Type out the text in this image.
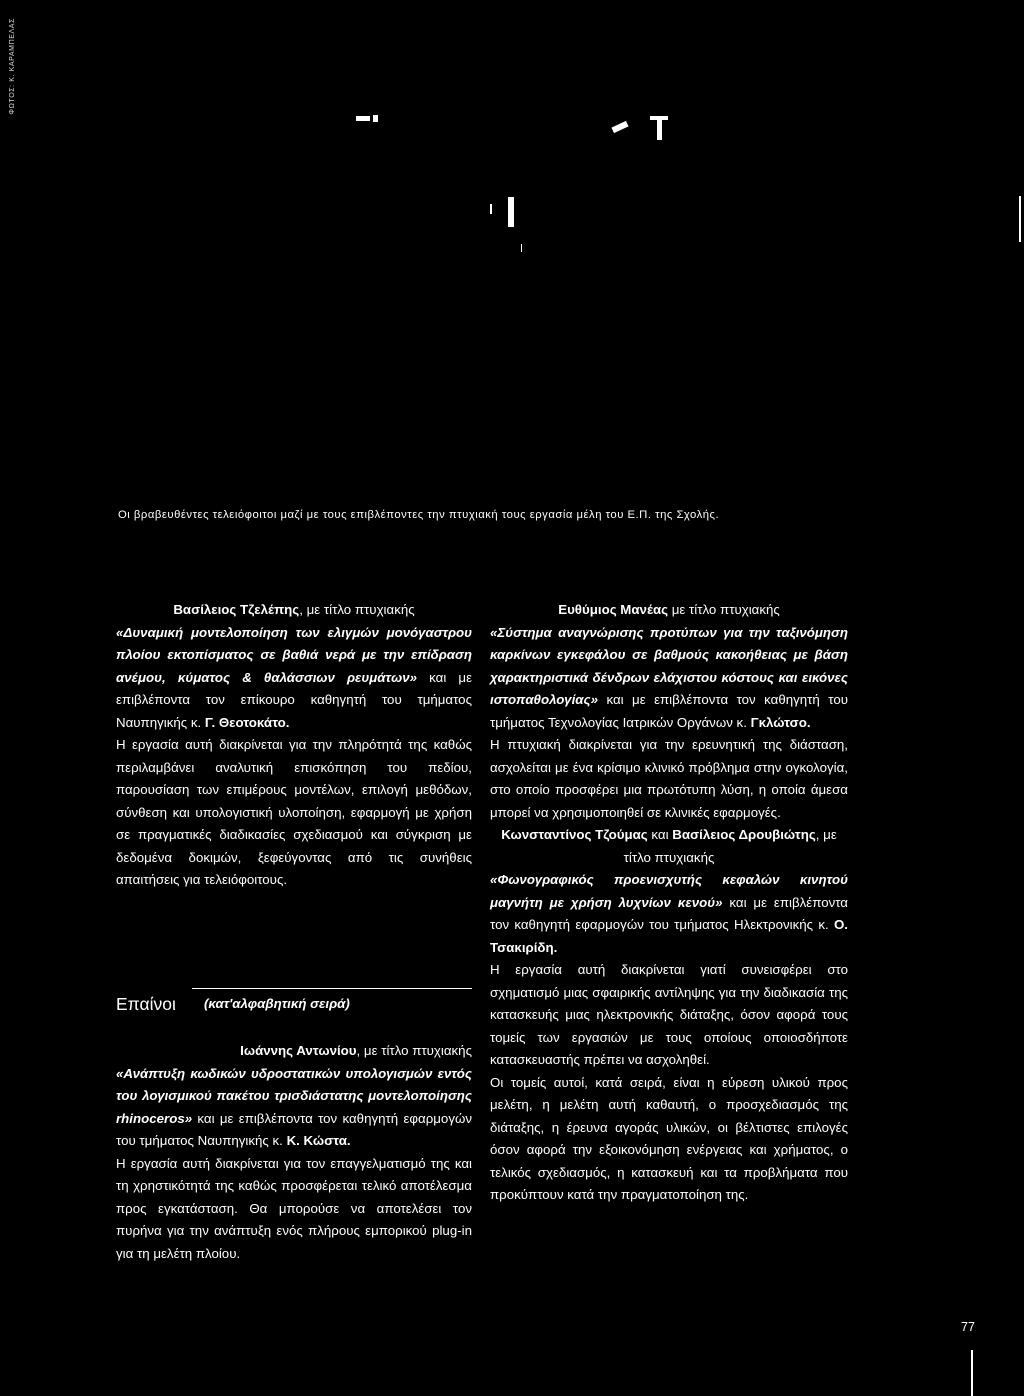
ΦΩΤΟΣ: Κ. ΚΑΡΑΜΠΕΛΑΣ
Οι βραβευθέντες τελειόφοιτοι μαζί με τους επιβλέποντες την πτυχιακή τους εργασία μέλη του Ε.Π. της Σχολής.

Βασίλειος Τζελέπης, με τίτλο πτυχιακής

«Δυναμική μοντελοποίηση των ελιγμών μονόγαστρου πλοίου εκτοπίσματος σε βαθιά νερά με την επίδραση ανέμου, κύματος & θαλάσσιων ρευμάτων» και με επιβλέποντα τον επίκουρο καθηγητή του τμήματος Ναυπηγικής κ. Γ. Θεοτοκάτο.

Η εργασία αυτή διακρίνεται για την πληρότητά της καθώς περιλαμβάνει αναλυτική επισκόπηση του πεδίου, παρουσίαση των επιμέρους μοντέλων, επιλογή μεθόδων, σύνθεση και υπολογιστική υλοποίηση, εφαρμογή με χρήση σε πραγματικές διαδικασίες σχεδιασμού και σύγκριση με δεδομένα δοκιμών, ξεφεύγοντας από τις συνήθεις απαιτήσεις για τελειόφοιτους.

Επαίνοι (κατ'αλφαβητική σειρά)

Ιωάννης Αντωνίου, με τίτλο πτυχιακής

«Ανάπτυξη κωδικών υδροστατικών υπολογισμών εντός του λογισμικού πακέτου τρισδιάστατης μοντελοποίησης rhinoceros» και με επιβλέποντα τον καθηγητή εφαρμογών του τμήματος Ναυπηγικής κ. Κ. Κώστα.

Η εργασία αυτή διακρίνεται για τον επαγγελματισμό της και τη χρηστικότητά της καθώς προσφέρεται τελικό αποτέλεσμα προς εγκατάσταση. Θα μπορούσε να αποτελέσει τον πυρήνα για την ανάπτυξη ενός πλήρους εμπορικού plug-in για τη μελέτη πλοίου.

Ευθύμιος Μανέας με τίτλο πτυχιακής

«Σύστημα αναγνώρισης προτύπων για την ταξινόμηση καρκίνων εγκεφάλου σε βαθμούς κακοήθειας με βάση χαρακτηριστικά δένδρων ελάχιστου κόστους και εικόνες ιστοπαθολογίας» και με επιβλέποντα τον καθηγητή του τμήματος Τεχνολογίας Ιατρικών Οργάνων κ. Γκλώτσο.

Η πτυχιακή διακρίνεται για την ερευνητική της διάσταση, ασχολείται με ένα κρίσιμο κλινικό πρόβλημα στην ογκολογία, στο οποίο προσφέρει μια πρωτότυπη λύση, η οποία άμεσα μπορεί να χρησιμοποιηθεί σε κλινικές εφαρμογές.

Κωνσταντίνος Τζούμας και Βασίλειος Δρουβιώτης, με τίτλο πτυχιακής

«Φωνογραφικός προενισχυτής κεφαλών κινητού μαγνήτη με χρήση λυχνίων κενού» και με επιβλέποντα τον καθηγητή εφαρμογών του τμήματος Ηλεκτρονικής κ. Ο. Τσακιρίδη.

Η εργασία αυτή διακρίνεται γιατί συνεισφέρει στο σχηματισμό μιας σφαιρικής αντίληψης για την διαδικασία της κατασκευής μιας ηλεκτρονικής διάταξης, όσον αφορά τους τομείς των εργασιών με τους οποίους οποιοσδήποτε κατασκευαστής πρέπει να ασχοληθεί.

Οι τομείς αυτοί, κατά σειρά, είναι η εύρεση υλικού προς μελέτη, η μελέτη αυτή καθαυτή, ο προσχεδιασμός της διάταξης, η έρευνα αγοράς υλικών, οι βέλτιστες επιλογές όσον αφορά την εξοικονόμηση ενέργειας και χρήματος, ο τελικός σχεδιασμός, η κατασκευή και τα προβλήματα που προκύπτουν κατά την πραγματοποίηση της.

77
